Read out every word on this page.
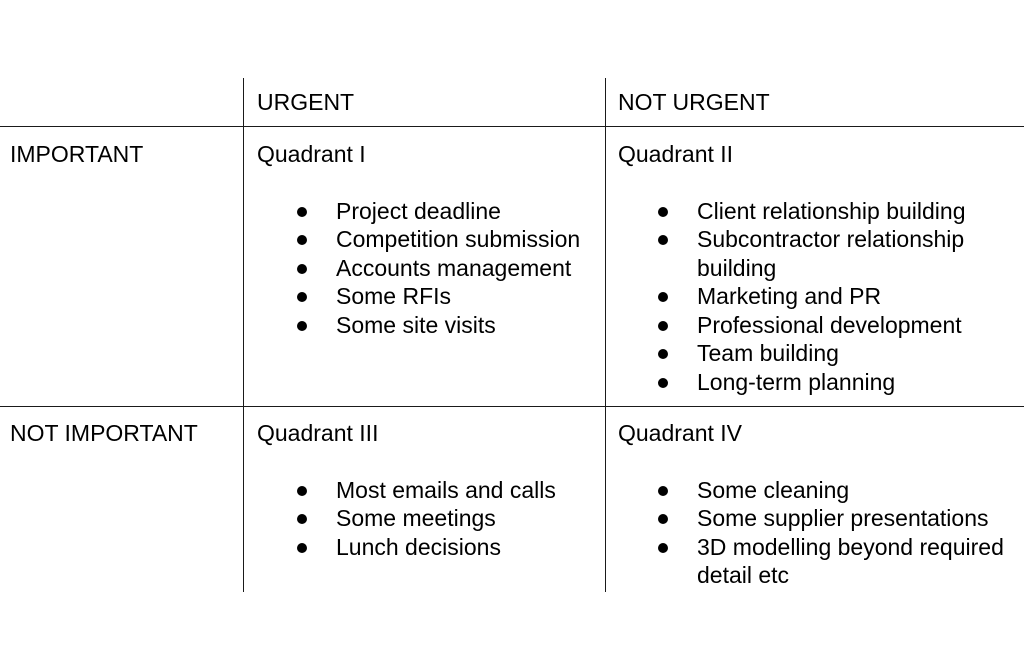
URGENT	NOT URGENT
IMPORTANT
NOT IMPORTANT
Quadrant I
Project deadline
Competition submission
Accounts management
Some RFIs
Some site visits
Quadrant II
Client relationship building
Subcontractor relationship building
Marketing and PR
Professional development
Team building
Long-term planning
Quadrant III
Most emails and calls
Some meetings
Lunch decisions
Quadrant IV
Some cleaning
Some supplier presentations
3D modelling beyond required detail etc
